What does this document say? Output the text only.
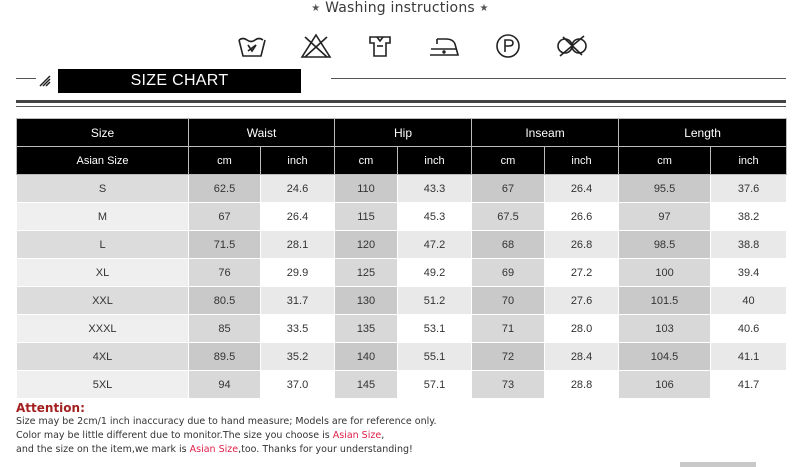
★ Washing instructions ★
SIZE CHART
Size	Waist		Hip		Inseam		Length	
Asian Size	cm	inch	cm	inch	cm	inch	cm	inch
S	62.5	24.6	110	43.3	67	26.4	95.5	37.6
M	67	26.4	115	45.3	67.5	26.6	97	38.2
L	71.5	28.1	120	47.2	68	26.8	98.5	38.8
XL	76	29.9	125	49.2	69	27.2	100	39.4
XXL	80.5	31.7	130	51.2	70	27.6	101.5	40
XXXL	85	33.5	135	53.1	71	28.0	103	40.6
4XL	89.5	35.2	140	55.1	72	28.4	104.5	41.1
5XL	94	37.0	145	57.1	73	28.8	106	41.7
Attention:
Size may be 2cm/1 inch inaccuracy due to hand measure; Models are for reference only.
Color may be little different due to monitor.The size you choose is Asian Size,
and the size on the item,we mark is Asian Size,too. Thanks for your understanding!
